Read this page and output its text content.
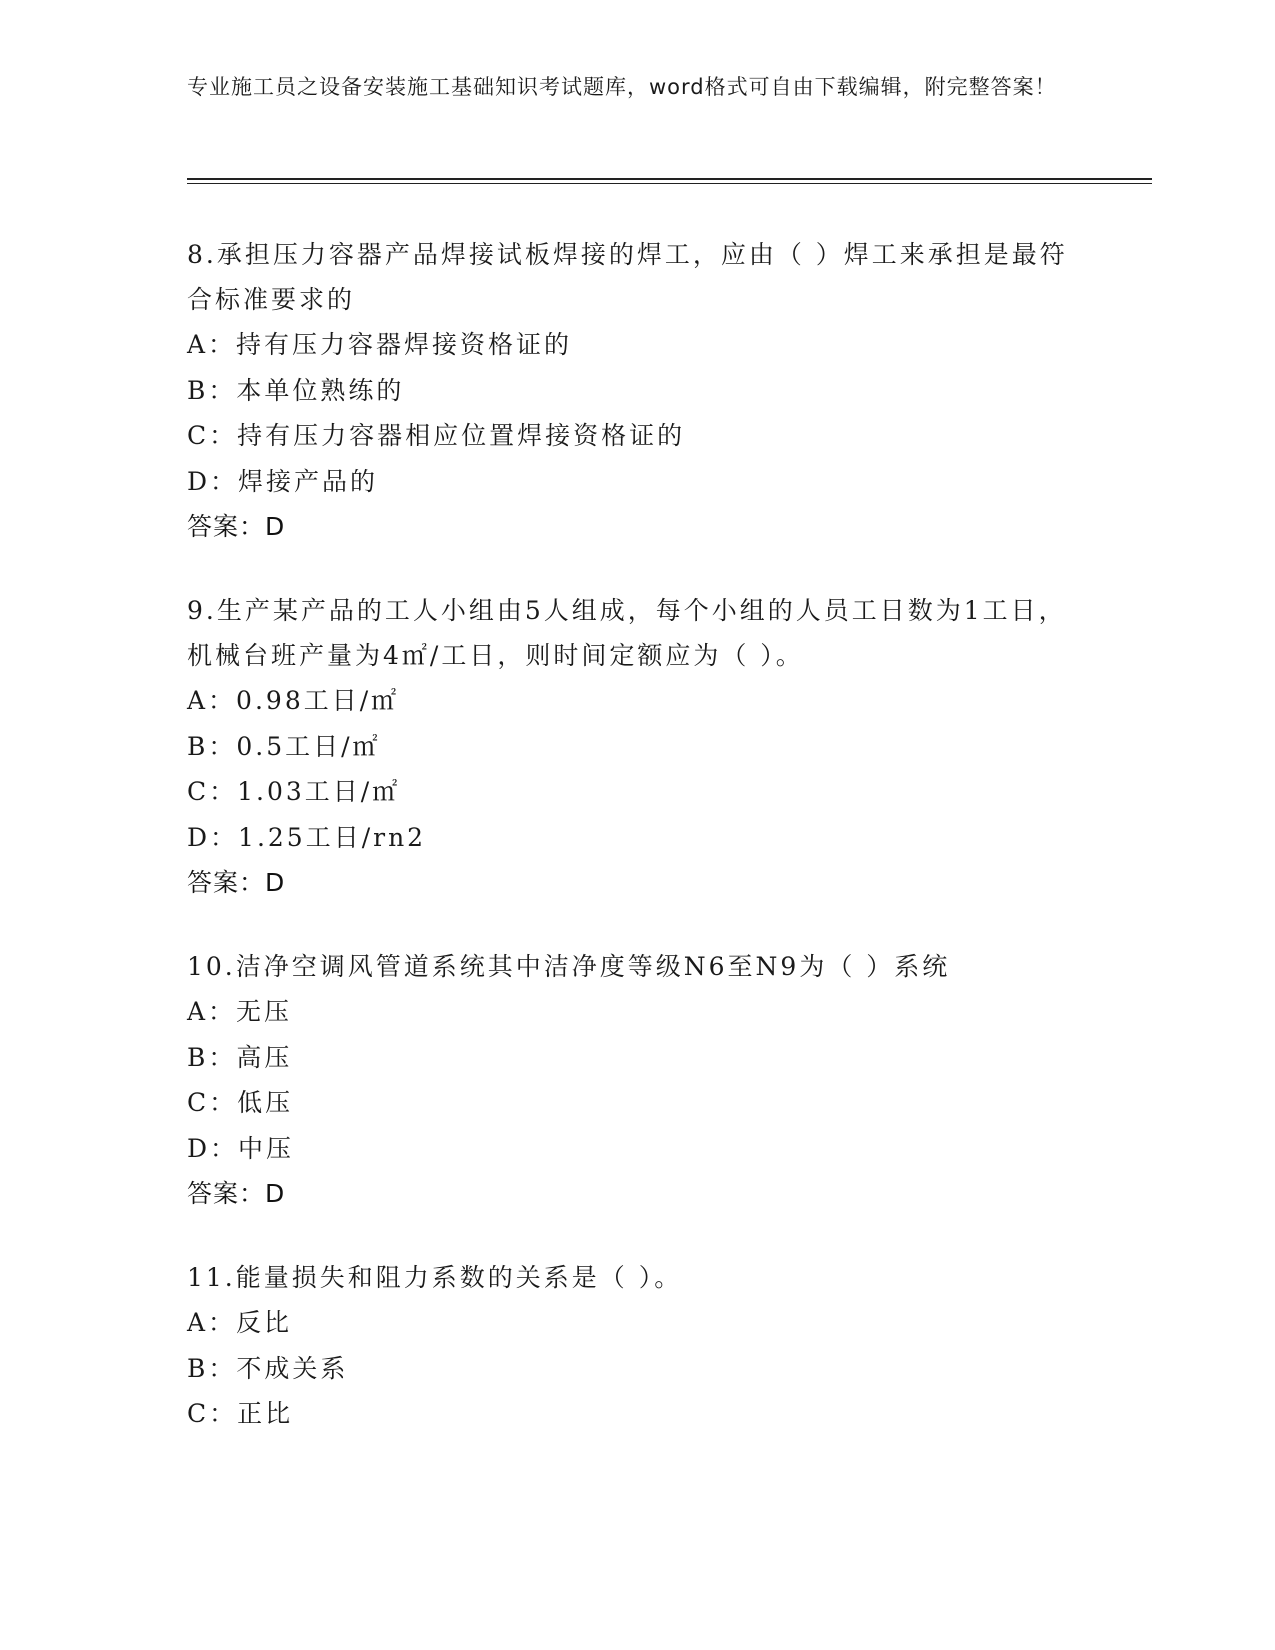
专业施工员之设备安装施工基础知识考试题库，word格式可自由下载编辑，附完整答案！
8.承担压力容器产品焊接试板焊接的焊工，应由（ ）焊工来承担是最符合标准要求的
A：持有压力容器焊接资格证的
B：本单位熟练的
C：持有压力容器相应位置焊接资格证的
D：焊接产品的
答案：D
9.生产某产品的工人小组由5人组成，每个小组的人员工日数为1工日，机械台班产量为4㎡/工日，则时间定额应为（ ）。
A：0.98工日/㎡
B：0.5工日/㎡
C：1.03工日/㎡
D：1.25工日/rn2
答案：D
10.洁净空调风管道系统其中洁净度等级N6至N9为（ ）系统
A：无压
B：高压
C：低压
D：中压
答案：D
11.能量损失和阻力系数的关系是（ ）。
A：反比
B：不成关系
C：正比
